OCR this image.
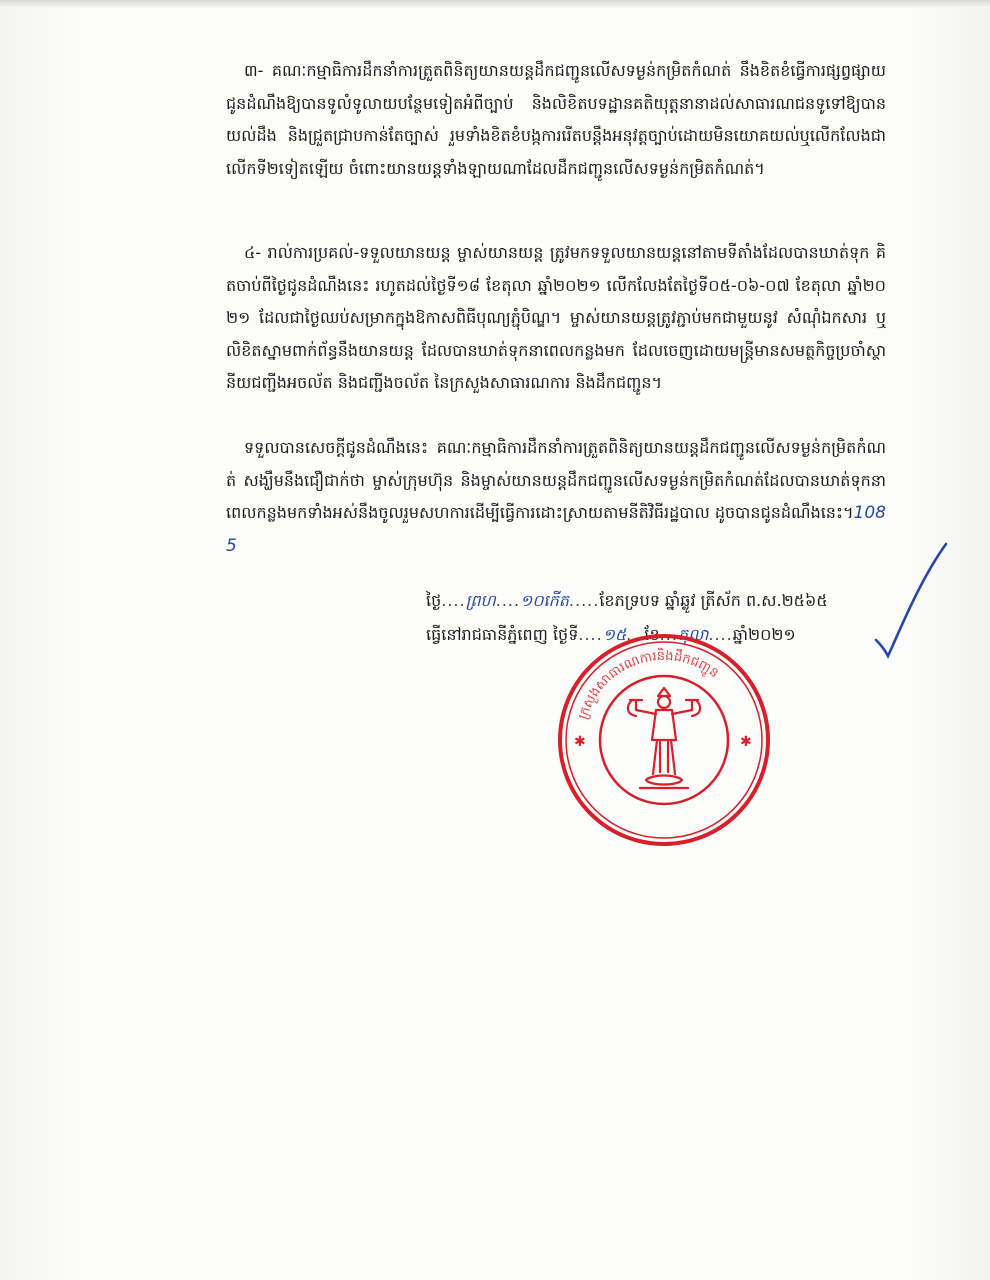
៣- គណៈកម្មាធិការដឹកនាំការត្រួតពិនិត្យយានយន្តដឹកជញ្ជូនលើសទម្ងន់កម្រិតកំណត់ នឹងខិតខំធ្វើការផ្សព្វផ្សាយជូនដំណឹងឱ្យបានទូលំទូលាយបន្ថែមទៀតអំពីច្បាប់ និងលិខិតបទដ្ឋានគតិយុត្តនានាដល់សាធារណជនទូទៅឱ្យបានយល់ដឹង និងជ្រួតជ្រាបកាន់តែច្បាស់ រួមទាំងខិតខំបង្កការរើតបន្តឹងអនុវត្តច្បាប់ដោយមិនយោគយល់ឬលើកលែងជាលើកទី២ទៀតឡើយ ចំពោះយានយន្តទាំងឡាយណាដែលដឹកជញ្ជូនលើសទម្ងន់កម្រិតកំណត់។

៤- រាល់ការប្រគល់-ទទួលយានយន្ត ម្ចាស់យានយន្ត ត្រូវមកទទួលយានយន្តនៅតាមទីតាំងដែលបានឃាត់ទុក គិតចាប់ពីថ្ងៃជូនដំណឹងនេះ រហូតដល់ថ្ងៃទី១៨ ខែតុលា ឆ្នាំ២០២១ លើកលែងតែថ្ងៃទី០៥-០៦-០៧ ខែតុលា ឆ្នាំ២០២១ ដែលជាថ្ងៃឈប់សម្រាកក្នុងឱកាសពិធីបុណ្យភ្ជុំបិណ្ឌ។ ម្ចាស់យានយន្តត្រូវភ្ជាប់មកជាមួយនូវ សំណុំឯកសារ ឬលិខិតស្នាមពាក់ព័ន្ធនឹងយានយន្ត ដែលបានឃាត់ទុកនាពេលកន្លងមក ដែលចេញដោយមន្ត្រីមានសមត្ថកិច្ចប្រចាំស្ថានីយជញ្ជីងអចល័ត និងជញ្ជីងចល័ត នៃក្រសួងសាធារណការ និងដឹកជញ្ជូន។

ទទួលបានសេចក្ដីជូនដំណឹងនេះ គណៈកម្មាធិការដឹកនាំការត្រួតពិនិត្យយានយន្តដឹកជញ្ជូនលើសទម្ងន់កម្រិតកំណត់ សង្ឃឹមនឹងជឿជាក់ថា ម្ចាស់ក្រុមហ៊ុន និងម្ចាស់យានយន្តដឹកជញ្ជូនលើសទម្ងន់កម្រិតកំណត់ដែលបានឃាត់ទុកនាពេលកន្លងមកទាំងអស់នឹងចូលរួមសហការដើម្បីធ្វើការដោះស្រាយតាមនីតិវិធីរដ្ឋបាល ដូចបានជូនដំណឹងនេះ។1085

ថ្ងៃ....ព្រហ....១០កើត.....ខែភទ្របទ ឆ្នាំឆ្លូវ ត្រីស័ក ព.ស.២៥៦៥
ធ្វើនៅរាជធានីភ្នំពេញ ថ្ងៃទី....១៥...ខែ...តុលា....ឆ្នាំ២០២១
ក្រសួងសាធារណការនិងដឹកជញ្ជូន
✱	✱
